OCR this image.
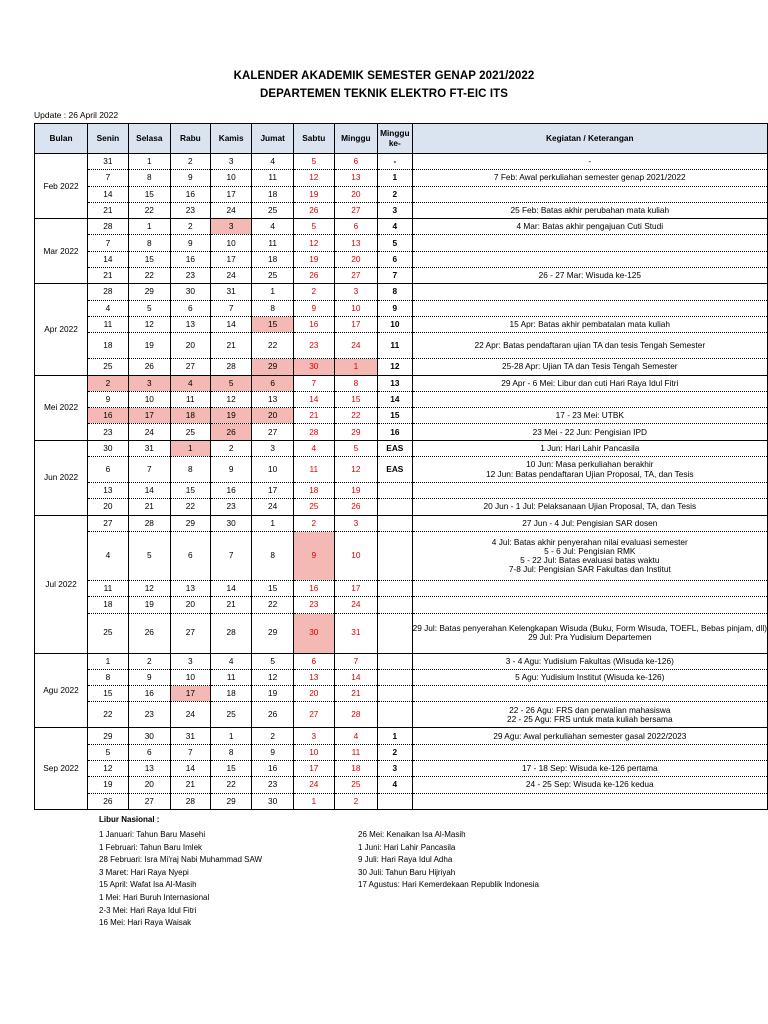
KALENDER AKADEMIK SEMESTER GENAP 2021/2022
DEPARTEMEN TEKNIK ELEKTRO FT-EIC ITS
Update : 26 April 2022
Bulan	Senin	Selasa	Rabu	Kamis	Jumat	Sabtu	Minggu	Minggu ke-	Kegiatan / Keterangan
Feb 2022	31	1	2	3	4	5	6	-	-

	7	8	9	10	11	12	13	1	7 Feb: Awal perkuliahan semester genap 2021/2022

	14	15	16	17	18	19	20	2	
	21	22	23	24	25	26	27	3	25 Feb: Batas akhir perubahan mata kuliah

Mar 2022	28	1	2	3	4	5	6	4	4 Mar: Batas akhir pengajuan Cuti Studi

	7	8	9	10	11	12	13	5	
	14	15	16	17	18	19	20	6	
	21	22	23	24	25	26	27	7	26 - 27 Mar: Wisuda ke-125

Apr 2022	28	29	30	31	1	2	3	8	
	4	5	6	7	8	9	10	9	
	11	12	13	14	15	16	17	10	15 Apr: Batas akhir pembatalan mata kuliah

	18	19	20	21	22	23	24	11	22 Apr: Batas pendaftaran ujian TA dan tesis Tengah Semester

	25	26	27	28	29	30	1	12	25-28 Apr: Ujian TA dan Tesis Tengah Semester

Mei 2022	2	3	4	5	6	7	8	13	29 Apr - 6 Mei: Libur dan cuti Hari Raya Idul Fitri

	9	10	11	12	13	14	15	14	
	16	17	18	19	20	21	22	15	17 - 23 Mei: UTBK

	23	24	25	26	27	28	29	16	23 Mei - 22 Jun: Pengisian IPD

Jun 2022	30	31	1	2	3	4	5	EAS	1 Jun: Hari Lahir Pancasila

	6	7	8	9	10	11	12	EAS	10 Jun: Masa perkuliahan berakhir
12 Jun: Batas pendaftaran Ujian Proposal, TA, dan Tesis

	13	14	15	16	17	18	19		
	20	21	22	23	24	25	26		20 Jun - 1 Jul: Pelaksanaan Ujian Proposal, TA, dan Tesis

Jul 2022	27	28	29	30	1	2	3		27 Jun - 4 Jul: Pengisian SAR dosen

	4	5	6	7	8	9	10		4 Jul: Batas akhir penyerahan nilai evaluasi semester
5 - 6 Jul: Pengisian RMK
5 - 22 Jul: Batas evaluasi batas waktu
7-8 Jul: Pengisian SAR Fakultas dan Institut

	11	12	13	14	15	16	17		
	18	19	20	21	22	23	24		
	25	26	27	28	29	30	31		29 Jul: Batas penyerahan Kelengkapan Wisuda (Buku, Form Wisuda, TOEFL, Bebas pinjam, dll)
29 Jul: Pra Yudisium Departemen

Agu 2022	1	2	3	4	5	6	7		3 - 4 Agu: Yudisium Fakultas (Wisuda ke-126)

	8	9	10	11	12	13	14		5 Agu: Yudisium Institut (Wisuda ke-126)

	15	16	17	18	19	20	21		
	22	23	24	25	26	27	28		22 - 26 Agu: FRS dan perwalian mahasiswa
22 - 25 Agu: FRS untuk mata kuliah bersama

Sep 2022	29	30	31	1	2	3	4	1	29 Agu: Awal perkuliahan semester gasal 2022/2023

	5	6	7	8	9	10	11	2	
	12	13	14	15	16	17	18	3	17 - 18 Sep: Wisuda ke-126 pertama

	19	20	21	22	23	24	25	4	24 - 25 Sep: Wisuda ke-126 kedua

	26	27	28	29	30	1	2		
Libur Nasional :
1 Januari: Tahun Baru Masehi
1 Februari: Tahun Baru Imlek
28 Februari: Isra Mi'raj Nabi Muhammad SAW
3 Maret: Hari Raya Nyepi
15 April: Wafat Isa Al-Masih
1 Mei: Hari Buruh Internasional
2-3 Mei: Hari Raya Idul Fitri
16 Mei: Hari Raya Waisak
26 Mei: Kenaikan Isa Al-Masih
1 Juni: Hari Lahir Pancasila
9 Juli: Hari Raya Idul Adha
30 Juli: Tahun Baru Hijriyah
17 Agustus: Hari Kemerdekaan Republik Indonesia
